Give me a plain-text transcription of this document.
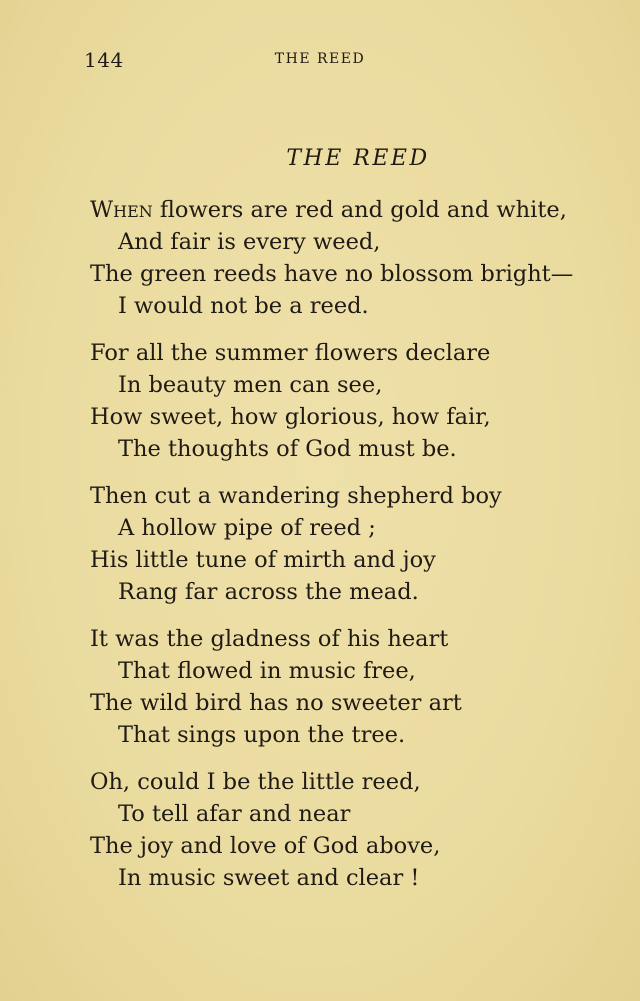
144	THE REED
THE REED
When flowers are red and gold and white,
And fair is every weed,
The green reeds have no blossom bright—
I would not be a reed.
For all the summer flowers declare
In beauty men can see,
How sweet, how glorious, how fair,
The thoughts of God must be.
Then cut a wandering shepherd boy
A hollow pipe of reed ;
His little tune of mirth and joy
Rang far across the mead.
It was the gladness of his heart
That flowed in music free,
The wild bird has no sweeter art
That sings upon the tree.
Oh, could I be the little reed,
To tell afar and near
The joy and love of God above,
In music sweet and clear !
